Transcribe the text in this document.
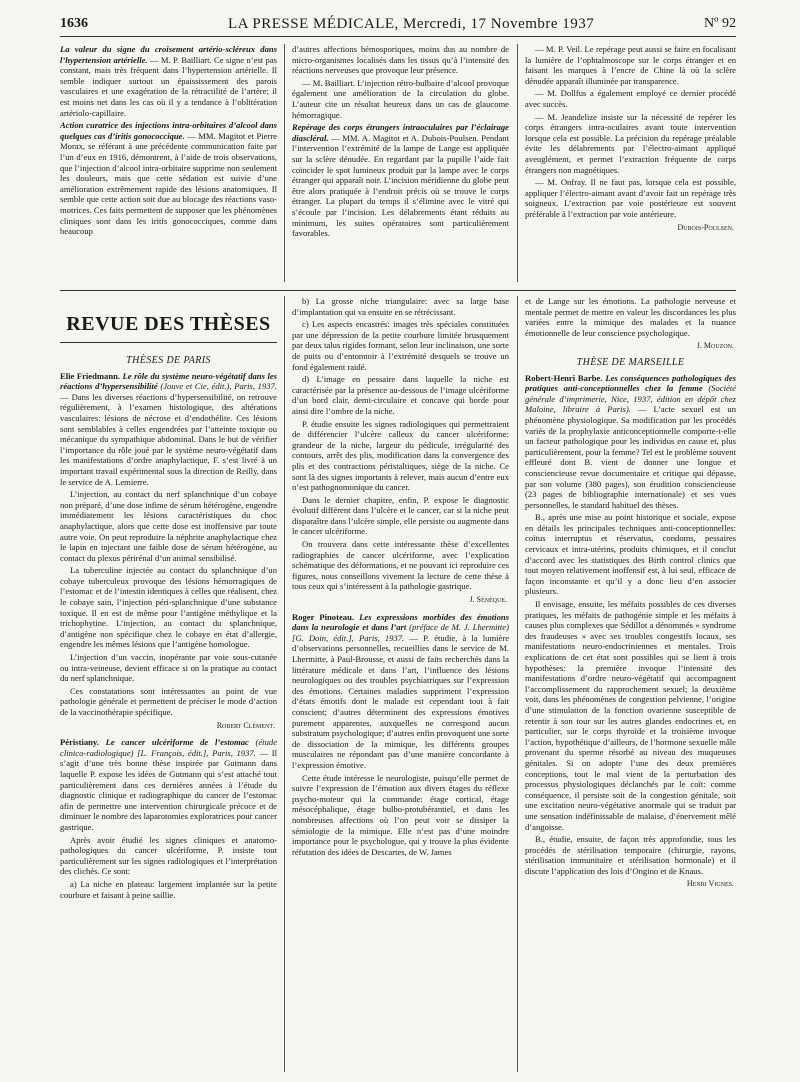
1636	LA PRESSE MÉDICALE, Mercredi, 17 Novembre 1937	Nº 92

La valeur du signe du croisement artério-scléreux dans l’hypertension artérielle. — M. P. Bailliart. Ce signe n’est pas constant, mais très fréquent dans l’hypertension artérielle. Il semble indiquer surtout un épaississement des parois vasculaires et une exagération de la rétractilité de l’artère; il est moins net dans les cas où il y a tendance à l’oblitération artériolo-capillaire.

Action curatrice des injections intra-orbitaires d’alcool dans quelques cas d’iritis gonococcique. — MM. Magitot et Pierre Morax, se référant à une précédente communication faite par l’un d’eux en 1916, démontrent, à l’aide de trois observations, que l’injection d’alcool intra-orbitaire supprime non seulement les douleurs, mais que cette sédation est suivie d’une amélioration extrêmement rapide des lésions anatomiques. Il semble que cette action soit due au blocage des réactions vaso-motrices. Ces faits permettent de supposer que les phénomènes cliniques sont dans les iritis gonococciques, comme dans beaucoup

d’autres affections hémosporiques, moins dus au nombre de micro-organismes localisés dans les tissus qu’à l’intensité des réactions nerveuses que provoque leur présence.

— M. Bailliart. L’injection rétro-bulbaire d’alcool provoque également une amélioration de la circulation du globe. L’auteur cite un résultat heureux dans un cas de glaucome hémorragique.

Repérage des corps étrangers intraoculaires par l’éclairage diascléral. — MM. A. Magitot et A. Dubois-Poulsen. Pendant l’intervention l’extrémité de la lampe de Lange est appliquée sur la sclère dénudée. En regardant par la pupille l’aide fait coïncider le spot lumineux produit par la lampe avec le corps étranger qui apparaît noir. L’incision méridienne du globe peut être alors pratiquée à l’endroit précis où se trouve le corps étranger. La plupart du temps il s’élimine avec le vitré qui s’écoule par l’incision. Les délabrements étant réduits au minimum, les suites opératoires sont particulièrement favorables.

— M. P. Veil. Le repérage peut aussi se faire en focalisant la lumière de l’ophtalmoscope sur le corps étranger et en faisant les marques à l’encre de Chine là où la sclère dénudée apparaît illuminée par transparence.

— M. Dollfus a également employé ce dernier procédé avec succès.

— M. Jeandelize insiste sur la nécessité de repérer les corps étrangers intra-oculaires avant toute intervention lorsque cela est possible. La précision du repérage préalable évite les délabrements par l’électro-aimant appliqué aveuglément, et permet l’extraction fréquente de corps étrangers non magnétiques.

— M. Onfray. Il ne faut pas, lorsque cela est possible, appliquer l’électro-aimant avant d’avoir fait un repérage très soigneux. L’extraction par voie postérieure est souvent préférable à l’extraction par voie antérieure.

Dubois-Poulsen.
REVUE DES THÈSES
THÈSES DE PARIS

Elie Friedmann. Le rôle du système neuro-végétatif dans les réactions d’hypersensibilité (Jouve et Cie, édit.), Paris, 1937. — Dans les diverses réactions d’hypersensibilité, on retrouve régulièrement, à l’examen histologique, des altérations vasculaires: lésions de nécrose et d’endothélite. Ces lésions sont semblables à celles engendrées par l’atteinte toxique ou mécanique du sympathique abdominal. Dans le but de vérifier l’importance du rôle joué par le système neuro-végétatif dans les manifestations d’ordre anaphylactique, F. s’est livré à un important travail expérimental sous la direction de Reilly, dans le service de A. Lemierre.

L’injection, au contact du nerf splanchnique d’un cobaye non préparé, d’une dose infime de sérum hétérogène, engendre immédiatement les lésions caractéristiques du choc anaphylactique, alors que cette dose est inoffensive par toute autre voie. On peut reproduire la néphrite anaphylactique chez le lapin en injectant une faible dose de sérum hétérogène, au contact du plexus périrénal d’un animal sensibilisé.

La tuberculine injectée au contact du splanchnique d’un cobaye tuberculeux provoque des lésions hémorragiques de l’estomac et de l’intestin identiques à celles que réalisent, chez le cobaye sain, l’injection péri-splanchnique d’une substance toxique. Il en est de même pour l’antigène méthylique et la trichophytine. L’injection, au contact du splanchnique, d’antigène non spécifique chez le cobaye en état d’allergie, engendre les mêmes lésions que l’antigène homologue.

L’injection d’un vaccin, inopérante par voie sous-cutanée ou intra-veineuse, devient efficace si on la pratique au contact du nerf splanchnique.

Ces constatations sont intéressantes au point de vue pathologie générale et permettent de préciser le mode d’action de la vaccinothérapie spécifique.

Robert Clément.

Péristiany. Le cancer ulcériforme de l’estomac (étude clinico-radiologique) [L. François, édit.], Paris, 1937. — Il s’agit d’une très bonne thèse inspirée par Gutmann dans laquelle P. expose les idées de Gutmann qui s’est attaché tout particulièrement dans ces dernières années à l’étude du diagnostic clinique et radiographique du cancer de l’estomac afin de permettre une intervention chirurgicale précoce et de diminuer le nombre des laparotomies exploratrices pour cancer gastrique.

Après avoir étudié les signes cliniques et anatomo-pathologiques du cancer ulcériforme, P. insiste tout particulièrement sur les signes radiologiques et l’interprétation des clichés. Ce sont:

a) La niche en plateau: largement implantée sur la petite courbure et faisant à peine saillie.

b) La grosse niche triangulaire: avec sa large base d’implantation qui va ensuite en se rétrécissant.

c) Les aspects encastrés: images très spéciales constituées par une dépression de la petite courbure limitée brusquement par deux talus rigides formant, selon leur inclinaison, une sorte de puits ou d’entonnoir à l’extrémité desquels se trouve un fond également raidé.

d) L’image en pessaire dans laquelle la niche est caractérisée par la présence au-dessous de l’image ulcériforme d’un bord clair, demi-circulaire et concave qui borde pour ainsi dire l’ombre de la niche.

P. étudie ensuite les signes radiologiques qui permettraient de différencier l’ulcère calleux du cancer ulcériforme: grandeur de la niche, largeur du pédicule, irrégularité des contours, arrêt des plis, modification dans la convergence des plis et des contractions péristaltiques, siège de la niche. Ce sont là des signes importants à relever, mais aucun d’entre eux n’est pathognomonique du cancer.

Dans le dernier chapitre, enfin, P. expose le diagnostic évolutif différent dans l’ulcère et le cancer, car si la niche peut disparaître dans l’ulcère simple, elle persiste ou augmente dans le cancer ulcériforme.

On trouvera dans cette intéressante thèse d’excellentes radiographies de cancer ulcériforme, avec l’explication schématique des déformations, et ne pouvant ici reproduire ces figures, nous conseillons vivement la lecture de cette thèse à tous ceux qui s’intéressent à la pathologie gastrique.

J. Sénèque.

Roger Pinoteau. Les expressions morbides des émotions dans la neurologie et dans l’art (préface de M. J. Lhermitte) [G. Doin, édit.], Paris, 1937. — P. étudie, à la lumière d’observations personnelles, recueillies dans le service de M. Lhermitte, à Paul-Brousse, et aussi de faits recherchés dans la littérature médicale et dans l’art, l’influence des lésions neurologiques ou des troubles psychiatriques sur l’expression des émotions. Certaines maladies suppriment l’expression d’états émotifs dont le malade est cependant tout à fait conscient; d’autres déterminent des expressions émotives purement apparentes, auxquelles ne correspond aucun substratum psychologique; d’autres enfin provoquent une sorte de dissociation de la mimique, les différents groupes musculaires ne répondant pas d’une manière concordante à l’expression émotive.

Cette étude intéresse le neurologiste, puisqu’elle permet de suivre l’expression de l’émotion aux divers étages du réflexe psycho-moteur qui la commande: étage cortical, étage mésocéphalique, étage bulbo-protubérantiel, et dans les nombreuses affections où l’on peut voir se dissiper la sémiologie de la mimique. Elle n’est pas d’une moindre importance pour le psychologue, qui y trouve la plus évidente réfutation des idées de Descartes, de W. James

et de Lange sur les émotions. La pathologie nerveuse et mentale permet de mettre en valeur les discordances les plus variées entre la mimique des malades et la nuance émotionnelle de leur conscience psychologique.

J. Mouzon.
THÈSE DE MARSEILLE

Robert-Henri Barbe. Les conséquences pathologiques des pratiques anti-conceptionnelles chez la femme (Société générale d’imprimerie, Nice, 1937, édition en dépôt chez Maloine, libraire à Paris). — L’acte sexuel est un phénomène physiologique. Sa modification par les procédés variés de la prophylaxie anticonceptionnelle comporte-t-elle un facteur pathologique pour les individus en cause et, plus particulièrement, pour la femme? Tel est le problème souvent effleuré dont B. vient de donner une longue et consciencieuse revue documentaire et critique qui dépasse, par son volume (380 pages), son érudition consciencieuse (23 pages de bibliographie internationale) et ses vues personnelles, le standard habituel des thèses.

B., après une mise au point historique et sociale, expose en détails les principales techniques anti-conceptionnelles: coïtus interruptus et réservatus, condoms, pessaires cervicaux et intra-utérins, produits chimiques, et il conclut d’accord avec les statistiques des Birth control clinics que tout moyen relativement inoffensif est, à lui seul, efficace de façon inconstante et qu’il y a donc lieu d’en associer plusieurs.

Il envisage, ensuite, les méfaits possibles de ces diverses pratiques, les méfaits de pathogénie simple et les méfaits à causes plus complexes que Sédillot a dénommés « syndrome des fraudeuses » avec ses troubles congestifs locaux, ses manifestations neuro-endocriniennes et mentales. Trois explications de cet état sont possibles qui se lient à trois hypothèses: la première invoque l’intensité des manifestations d’ordre neuro-végétatif qui accompagnent l’accomplissement du rapprochement sexuel; la deuxième voit, dans les phénomènes de congestion pelvienne, l’origine d’une stimulation de la fonction ovarienne susceptible de retentir à son tour sur les autres glandes endocrines et, en particulier, sur le corps thyroïde et la troisième invoque l’action, hypothétique d’ailleurs, de l’hormone sexuelle mâle provenant du sperme résorbé au niveau des muqueuses génitales. Si on adopte l’une des deux premières conceptions, tout le mal vient de la perturbation des processus physiologiques déclanchés par le coït: comme conséquence, il persiste soit de la congestion génitale, soit une excitation neuro-végétative anormale qui se traduit par une sensation indéfinissable de malaise, d’énervement mêlé d’angoisse.

B., étudie, ensuite, de façon très approfondie, tous les procédés de stérilisation temporaire (chirurgie, rayons, stérilisation immunitaire et stérilisation hormonale) et il discute l’application des lois d’Ongino et de Knaus.

Henri Vignes.
